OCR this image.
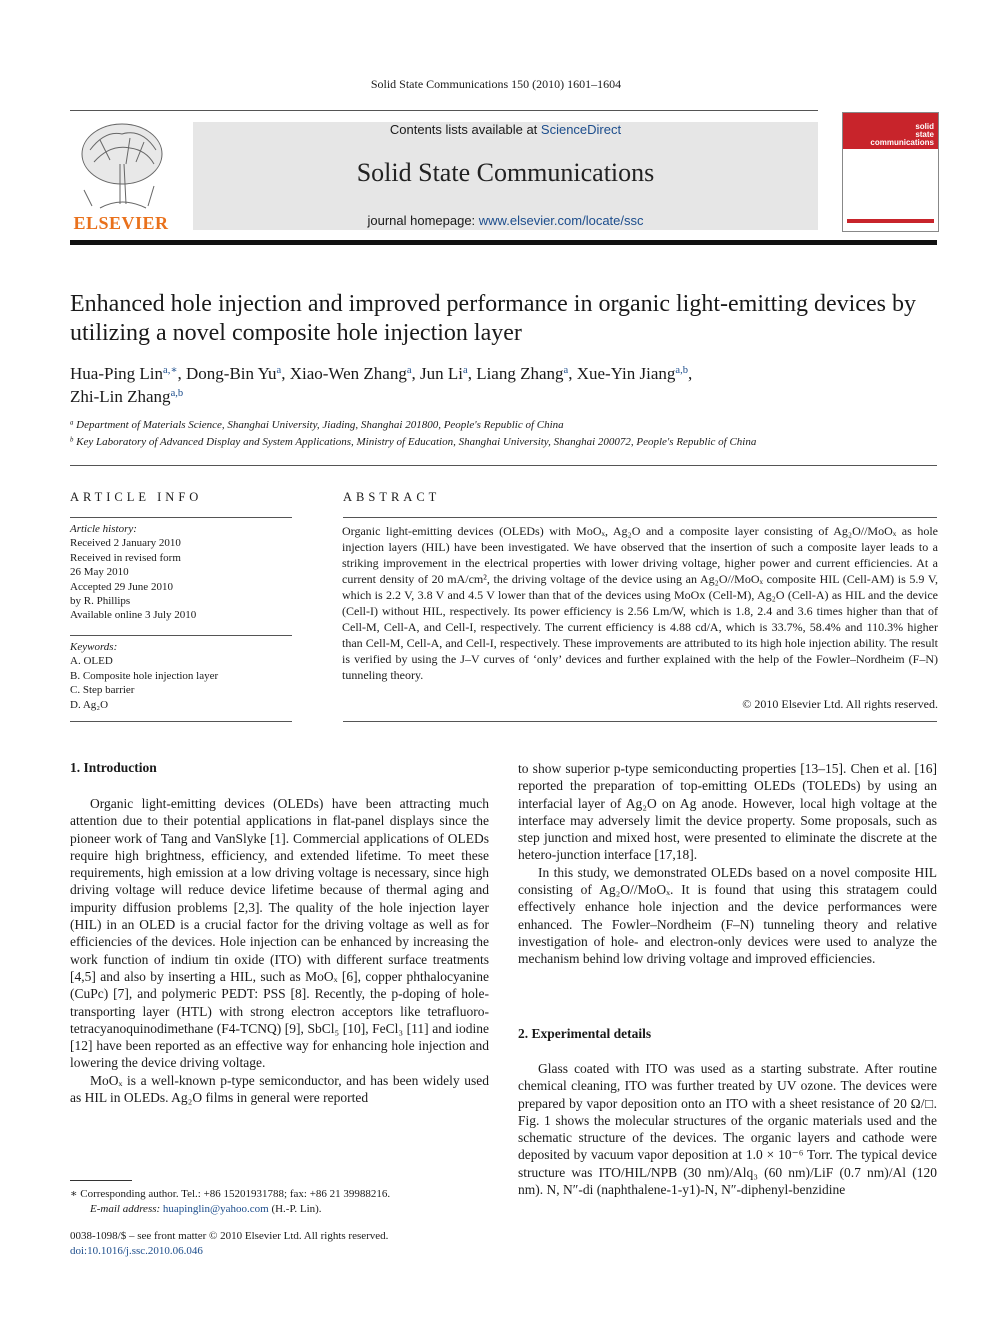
Solid State Communications 150 (2010) 1601–1604
ELSEVIER
Contents lists available at ScienceDirect
Solid State Communications
journal homepage: www.elsevier.com/locate/ssc
solid
state
communications
Enhanced hole injection and improved performance in organic light-emitting devices by utilizing a novel composite hole injection layer
Hua-Ping Lin$^{a,∗}$, Dong-Bin Yu$^a$, Xiao-Wen Zhang$^a$, Jun Li$^a$, Liang Zhang$^a$, Xue-Yin Jiang$^{a,b}$,
Zhi-Lin Zhang$^{a,b}$
$^a$ Department of Materials Science, Shanghai University, Jiading, Shanghai 201800, People's Republic of China
$^b$ Key Laboratory of Advanced Display and System Applications, Ministry of Education, Shanghai University, Shanghai 200072, People's Republic of China
ARTICLE INFO	ABSTRACT
Article history:
Received 2 January 2010
Received in revised form
26 May 2010
Accepted 29 June 2010
by R. Phillips
Available online 3 July 2010
Keywords:
A. OLED
B. Composite hole injection layer
C. Step barrier
D. Ag₂O
Organic light-emitting devices (OLEDs) with MoOₓ, Ag₂O and a composite layer consisting of Ag₂O//MoOₓ as hole injection layers (HIL) have been investigated. We have observed that the insertion of such a composite layer leads to a striking improvement in the electrical properties with lower driving voltage, higher power and current efficiencies. At a current density of 20 mA/cm², the driving voltage of the device using an Ag₂O//MoOₓ composite HIL (Cell-AM) is 5.9 V, which is 2.2 V, 3.8 V and 4.5 V lower than that of the devices using MoOx (Cell-M), Ag₂O (Cell-A) as HIL and the device (Cell-I) without HIL, respectively. Its power efficiency is 2.56 Lm/W, which is 1.8, 2.4 and 3.6 times higher than that of Cell-M, Cell-A, and Cell-I, respectively. The current efficiency is 4.88 cd/A, which is 33.7%, 58.4% and 110.3% higher than Cell-M, Cell-A, and Cell-I, respectively. These improvements are attributed to its high hole injection ability. The result is verified by using the J–V curves of ‘only’ devices and further explained with the help of the Fowler–Nordheim (F–N) tunneling theory.
© 2010 Elsevier Ltd. All rights reserved.
1. Introduction

Organic light-emitting devices (OLEDs) have been attracting much attention due to their potential applications in flat-panel displays since the pioneer work of Tang and VanSlyke [1]. Commercial applications of OLEDs require high brightness, efficiency, and extended lifetime. To meet these requirements, high emission at a low driving voltage is necessary, since high driving voltage will reduce device lifetime because of thermal aging and impurity diffusion problems [2,3]. The quality of the hole injection layer (HIL) in an OLED is a crucial factor for the driving voltage as well as for efficiencies of the devices. Hole injection can be enhanced by increasing the work function of indium tin oxide (ITO) with different surface treatments [4,5] and also by inserting a HIL, such as MoOₓ [6], copper phthalocyanine (CuPc) [7], and polymeric PEDT: PSS [8]. Recently, the p-doping of hole-transporting layer (HTL) with strong electron acceptors like tetrafluoro-tetracyanoquinodimethane (F4-TCNQ) [9], SbCl₅ [10], FeCl₃ [11] and iodine [12] have been reported as an effective way for enhancing hole injection and lowering the device driving voltage.

MoOₓ is a well-known p-type semiconductor, and has been widely used as HIL in OLEDs. Ag₂O films in general were reported

to show superior p-type semiconducting properties [13–15]. Chen et al. [16] reported the preparation of top-emitting OLEDs (TOLEDs) by using an interfacial layer of Ag₂O on Ag anode. However, local high voltage at the interface may adversely limit the device property. Some proposals, such as step junction and mixed host, were presented to eliminate the discrete at the hetero-junction interface [17,18].

In this study, we demonstrated OLEDs based on a novel composite HIL consisting of Ag₂O//MoOₓ. It is found that using this stratagem could effectively enhance hole injection and the device performances were enhanced. The Fowler–Nordheim (F–N) tunneling theory and relative investigation of hole- and electron-only devices were used to analyze the mechanism behind low driving voltage and improved efficiencies.

2. Experimental details

Glass coated with ITO was used as a starting substrate. After routine chemical cleaning, ITO was further treated by UV ozone. The devices were prepared by vapor deposition onto an ITO with a sheet resistance of 20 Ω/□. Fig. 1 shows the molecular structures of the organic materials used and the schematic structure of the devices. The organic layers and cathode were deposited by vacuum vapor deposition at 1.0 × 10⁻⁶ Torr. The typical device structure was ITO/HIL/NPB (30 nm)/Alq₃ (60 nm)/LiF (0.7 nm)/Al (120 nm). N, N″-di (naphthalene-1-y1)-N, N″-diphenyl-benzidine

∗ Corresponding author. Tel.: +86 15201931788; fax: +86 21 39988216.
E-mail address: huapinglin@yahoo.com (H.-P. Lin).
0038-1098/$ – see front matter © 2010 Elsevier Ltd. All rights reserved.
doi:10.1016/j.ssc.2010.06.046
